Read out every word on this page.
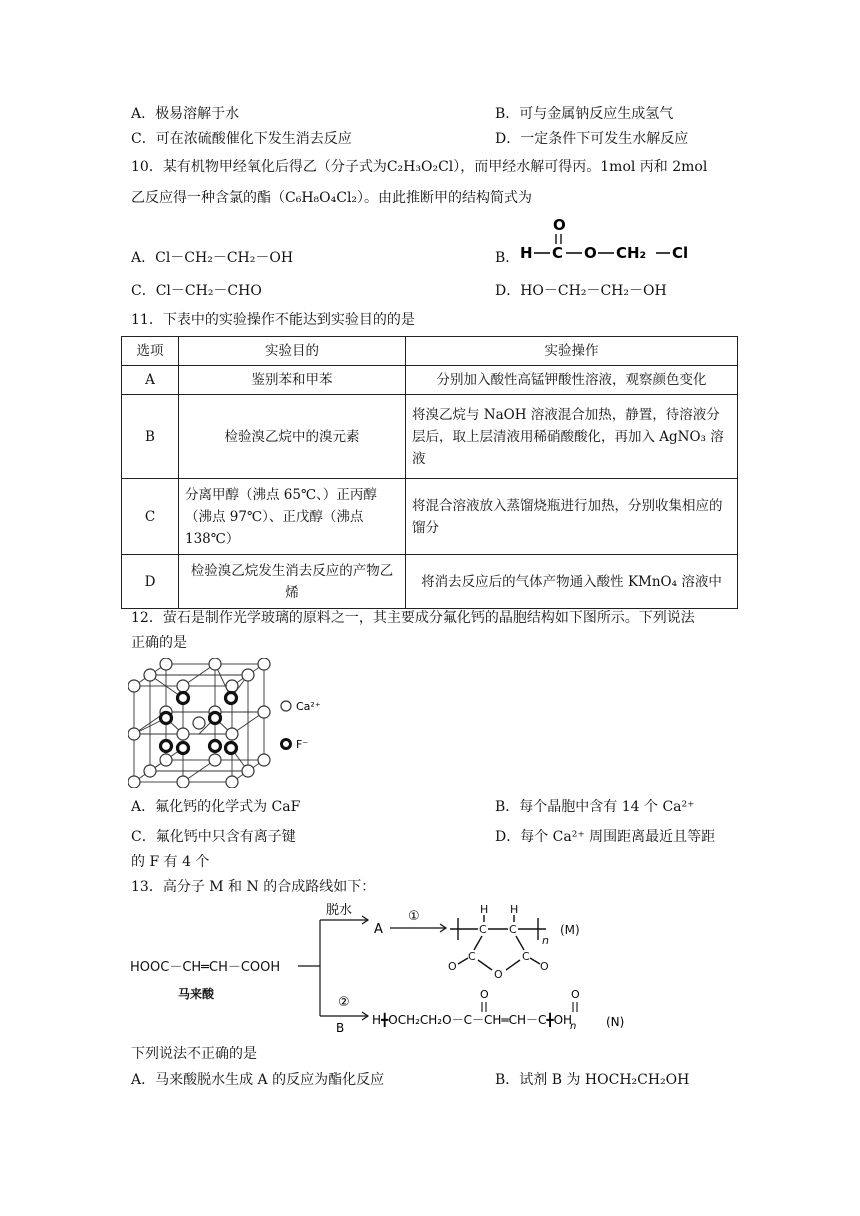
A．极易溶解于水	B．可与金属钠反应生成氢气
C．可在浓硫酸催化下发生消去反应	D．一定条件下可发生水解反应
10．某有机物甲经氧化后得乙（分子式为C₂H₃O₂Cl），而甲经水解可得丙。1mol 丙和 2mol
乙反应得一种含氯的酯（C₆H₈O₄Cl₂）。由此推断甲的结构简式为
A．Cl－CH₂－CH₂－OH	B． H C
O
O CH₂ Cl
C．Cl－CH₂－CHO	D．HO－CH₂－CH₂－OH
11．下表中的实验操作不能达到实验目的的是
选项	实验目的	实验操作
A	鉴别苯和甲苯	分别加入酸性高锰钾酸性溶液，观察颜色变化
B	检验溴乙烷中的溴元素	将溴乙烷与 NaOH 溶液混合加热，静置，待溶液分层后，取上层清液用稀硝酸酸化，再加入 AgNO₃ 溶液
C	分离甲醇（沸点 65℃、）正丙醇（沸点 97℃）、正戊醇（沸点 138℃）	将混合溶液放入蒸馏烧瓶进行加热，分别收集相应的馏分
D	检验溴乙烷发生消去反应的产物乙烯	将消去反应后的气体产物通入酸性 KMnO₄ 溶液中
12．萤石是制作光学玻璃的原料之一，其主要成分氟化钙的晶胞结构如下图所示。下列说法
正确的是
Ca²⁺
F⁻
A．氟化钙的化学式为 CaF	B．每个晶胞中含有 14 个 Ca²⁺
C．氟化钙中只含有离子键	D．每个 Ca²⁺ 周围距离最近且等距
的 F 有 4 个
13．高分子 M 和 N 的合成路线如下：
HOOC－CH═CH－COOH
马来酸
脱水
A
①
②
B
H H
C C
C	C
O
O	O
n
(M)
H╋OCH₂CH₂O－C－CH═CH－C╋OH
n
O	O
(N)
下列说法不正确的是
A．马来酸脱水生成 A 的反应为酯化反应	B．试剂 B 为 HOCH₂CH₂OH
